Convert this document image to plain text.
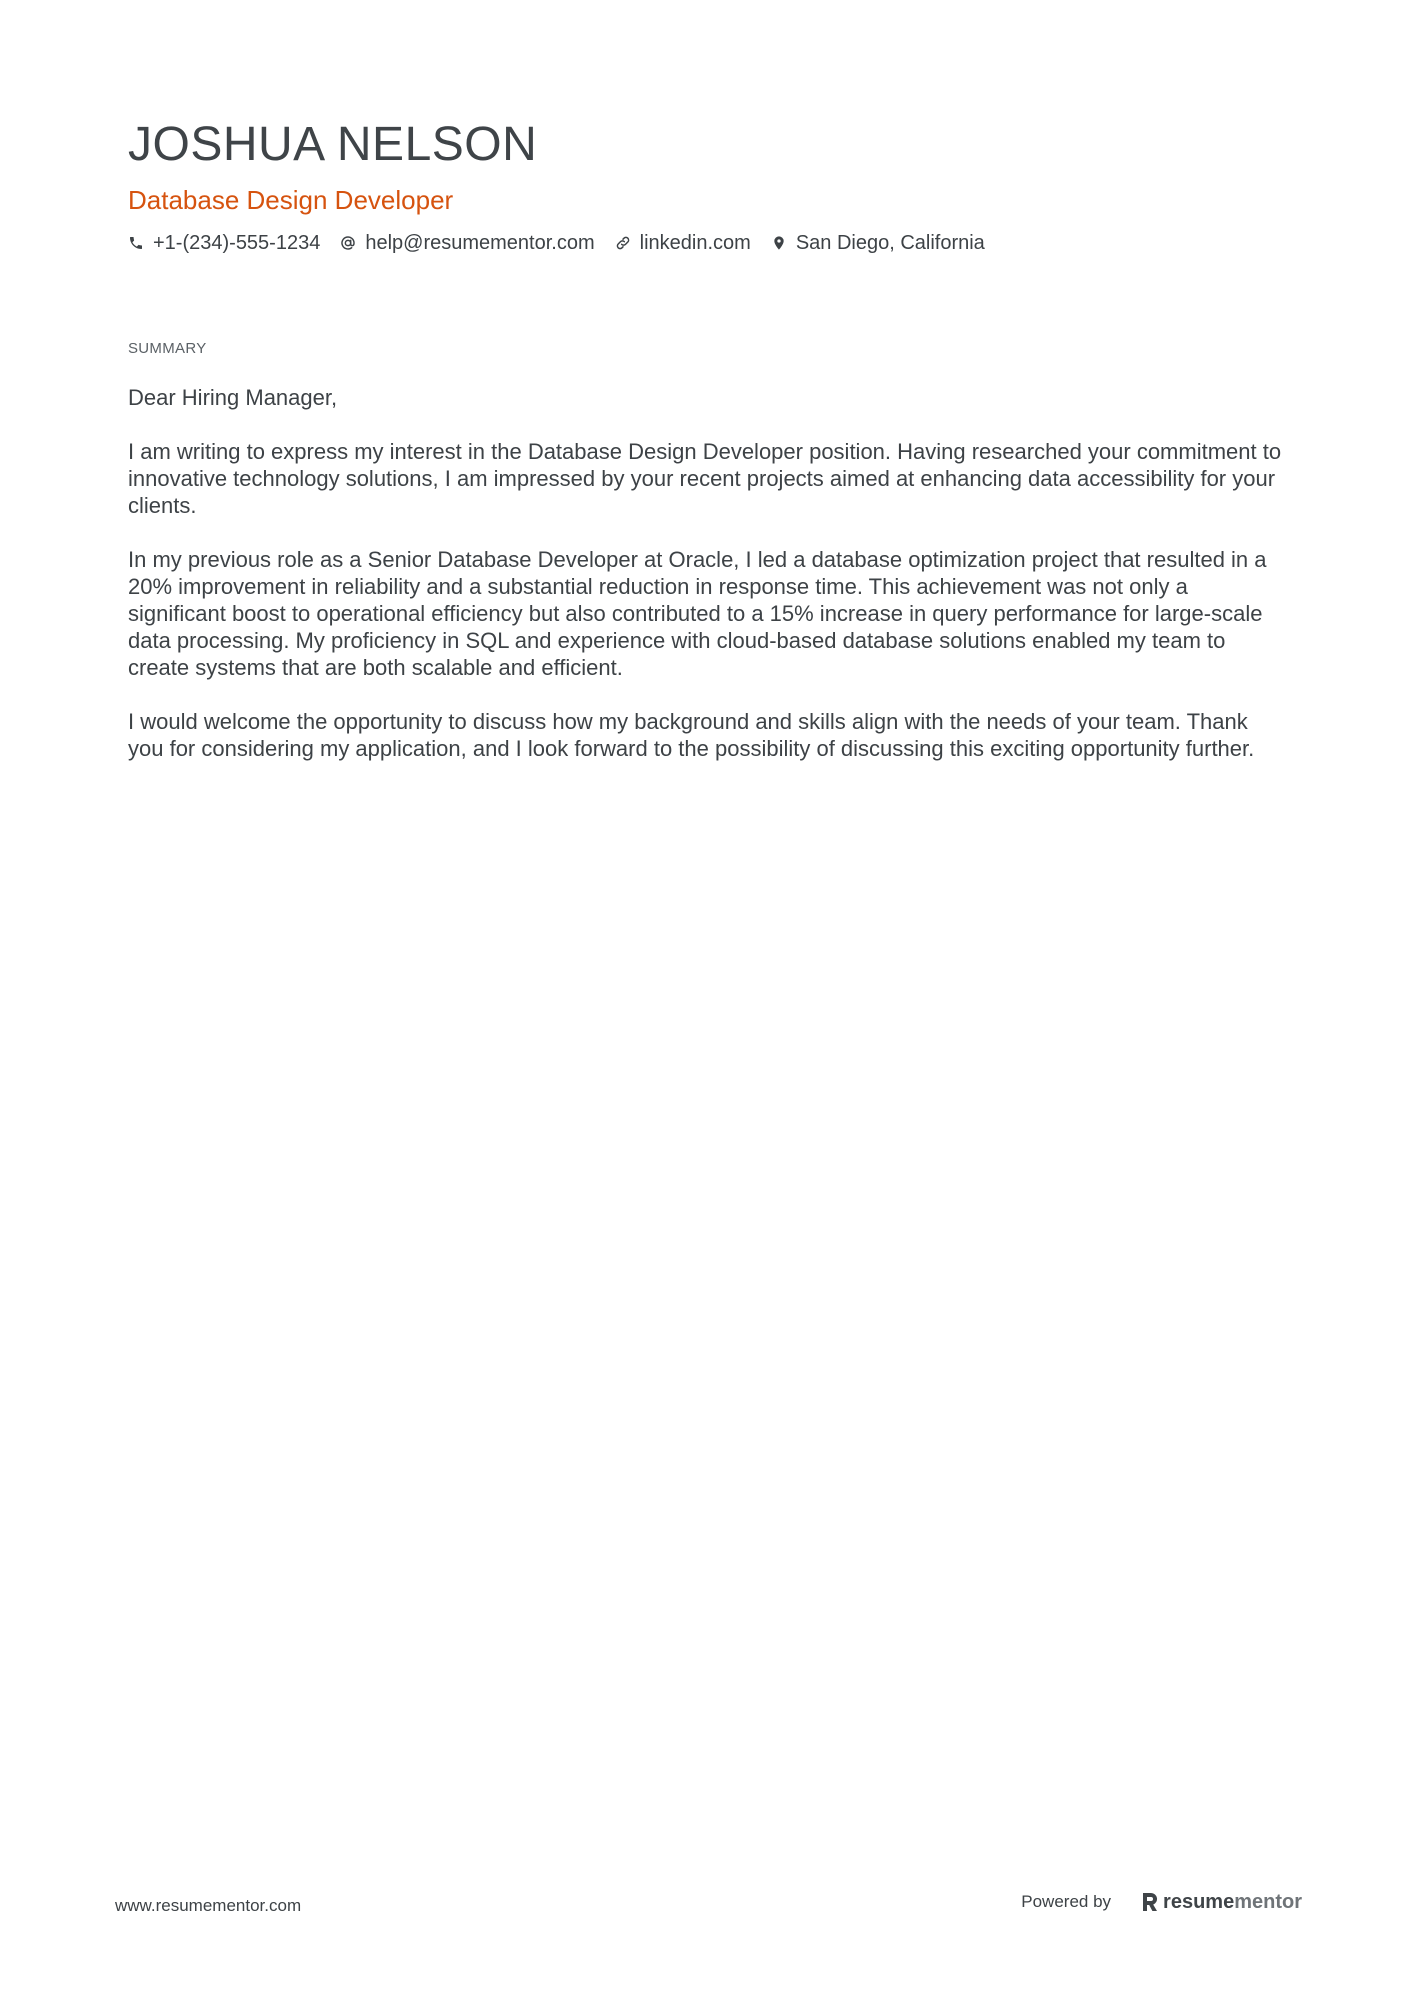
JOSHUA NELSON
Database Design Developer
+1-(234)-555-1234 help@resumementor.com linkedin.com San Diego, California
SUMMARY

Dear Hiring Manager,

I am writing to express my interest in the Database Design Developer position. Having researched your commitment to innovative technology solutions, I am impressed by your recent projects aimed at enhancing data accessibility for your clients.

In my previous role as a Senior Database Developer at Oracle, I led a database optimization project that resulted in a 20% improvement in reliability and a substantial reduction in response time. This achievement was not only a significant boost to operational efficiency but also contributed to a 15% increase in query performance for large-scale data processing. My proficiency in SQL and experience with cloud-based database solutions enabled my team to create systems that are both scalable and efficient.

I would welcome the opportunity to discuss how my background and skills align with the needs of your team. Thank you for considering my application, and I look forward to the possibility of discussing this exciting opportunity further.

www.resumementor.com	Powered by	resume mentor
